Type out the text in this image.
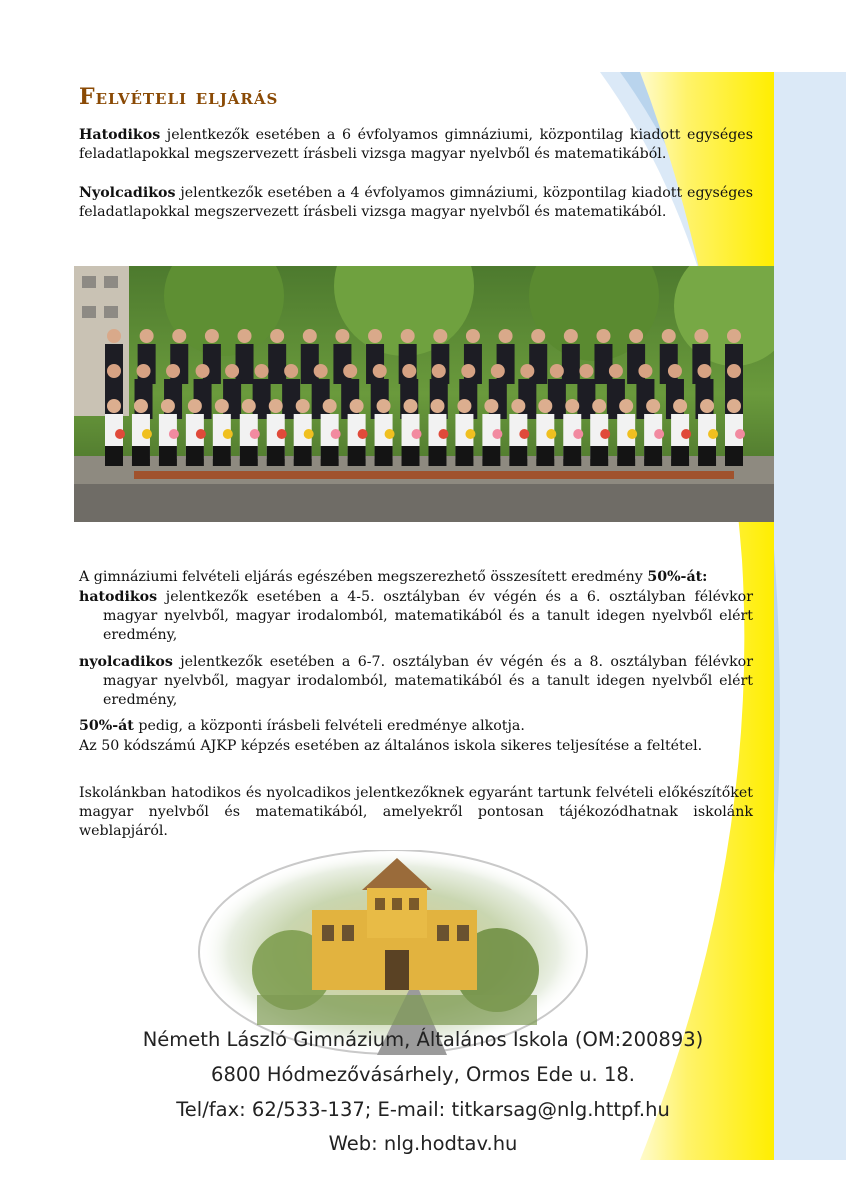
Felvételi eljárás
Hatodikos jelentkezők esetében a 6 évfolyamos gimnáziumi, központilag kiadott egységes feladatlapokkal megszervezett írásbeli vizsga magyar nyelvből és matematikából.
Nyolcadikos jelentkezők esetében a 4 évfolyamos gimnáziumi, központilag kiadott egységes feladatlapokkal megszervezett írásbeli vizsga magyar nyelvből és matematikából.
A gimnáziumi felvételi eljárás egészében megszerezhető összesített eredmény 50%-át:
hatodikos jelentkezők esetében a 4-5. osztályban év végén és a 6. osztályban félévkor magyar nyelvből, magyar irodalomból, matematikából és a tanult idegen nyelvből elért eredmény,
nyolcadikos jelentkezők esetében a 6-7. osztályban év végén és a 8. osztályban félévkor magyar nyelvből, magyar irodalomból, matematikából és a tanult idegen nyelvből elért eredmény,
50%-át pedig, a központi írásbeli felvételi eredménye alkotja.
Az 50 kódszámú AJKP képzés esetében az általános iskola sikeres teljesítése a feltétel.
Iskolánkban hatodikos és nyolcadikos jelentkezőknek egyaránt tartunk felvételi előkészítőket magyar nyelvből és matematikából, amelyekről pontosan tájékozódhatnak iskolánk weblapjáról.
Németh László Gimnázium, Általános Iskola (OM:200893)
6800 Hódmezővásárhely, Ormos Ede u. 18.
Tel/fax: 62/533-137; E-mail: titkarsag@nlg.httpf.hu
Web: nlg.hodtav.hu
